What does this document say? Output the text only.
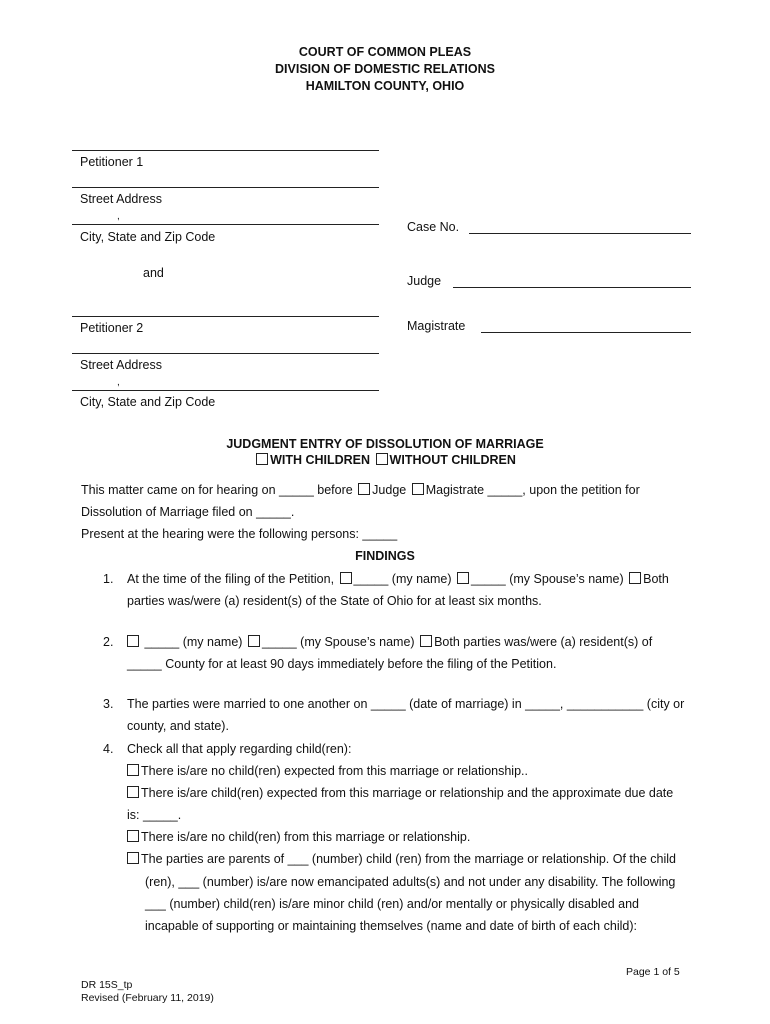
COURT OF COMMON PLEAS
DIVISION OF DOMESTIC RELATIONS
HAMILTON COUNTY, OHIO
Petitioner 1
Street Address
,
City, State and Zip Code
and
Petitioner 2
Street Address
,
City, State and Zip Code
Case No.
Judge
Magistrate
JUDGMENT ENTRY OF DISSOLUTION OF MARRIAGE
WITH CHILDREN WITHOUT CHILDREN
This matter came on for hearing on _____ before Judge Magistrate _____, upon the petition for
Dissolution of Marriage filed on _____.
Present at the hearing were the following persons: _____
FINDINGS
1. At the time of the filing of the Petition, _____ (my name) _____ (my Spouse’s name) Both
parties was/were (a) resident(s) of the State of Ohio for at least six months.
2.	_____ (my name) _____ (my Spouse’s name) Both parties was/were (a) resident(s) of
_____ County for at least 90 days immediately before the filing of the Petition.
3. The parties were married to one another on _____ (date of marriage) in _____, ___________ (city or
county, and state).
4. Check all that apply regarding child(ren):
There is/are no child(ren) expected from this marriage or relationship..
There is/are child(ren) expected from this marriage or relationship and the approximate due date
is: _____.
There is/are no child(ren) from this marriage or relationship.
The parties are parents of ___ (number) child (ren) from the marriage or relationship. Of the child
(ren), ___ (number) is/are now emancipated adults(s) and not under any disability. The following
___ (number) child(ren) is/are minor child (ren) and/or mentally or physically disabled and
incapable of supporting or maintaining themselves (name and date of birth of each child):
Page 1 of 5
DR 15S_tp
Revised (February 11, 2019)
